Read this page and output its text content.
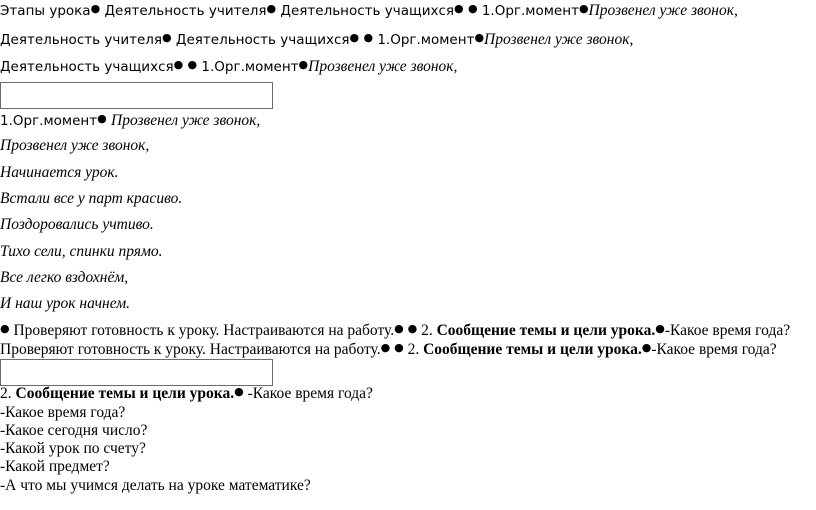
Этапы урока● Деятельность учителя● Деятельность учащихся● ● 1.Орг.момент●Прозвенел уже звонок,
Деятельность учителя● Деятельность учащихся● ● 1.Орг.момент●Прозвенел уже звонок,
Деятельность учащихся● ● 1.Орг.момент●Прозвенел уже звонок,
1.Орг.момент● Прозвенел уже звонок,
Прозвенел уже звонок,
Начинается урок.
Встали все у парт красиво.
Поздоровались учтиво.
Тихо сели, спинки прямо.
Все легко вздохнём,
И наш урок начнем.
● Проверяют готовность к уроку. Настраиваются на работу.● ● 2. Сообщение темы и цели урока.●-Какое время года?
Проверяют готовность к уроку. Настраиваются на работу.● ● 2. Сообщение темы и цели урока.●-Какое время года?
2. Сообщение темы и цели урока.● -Какое время года?
-Какое время года?
-Какое сегодня число?
-Какой урок по счету?
-Какой предмет?
-А что мы учимся делать на уроке математике?
